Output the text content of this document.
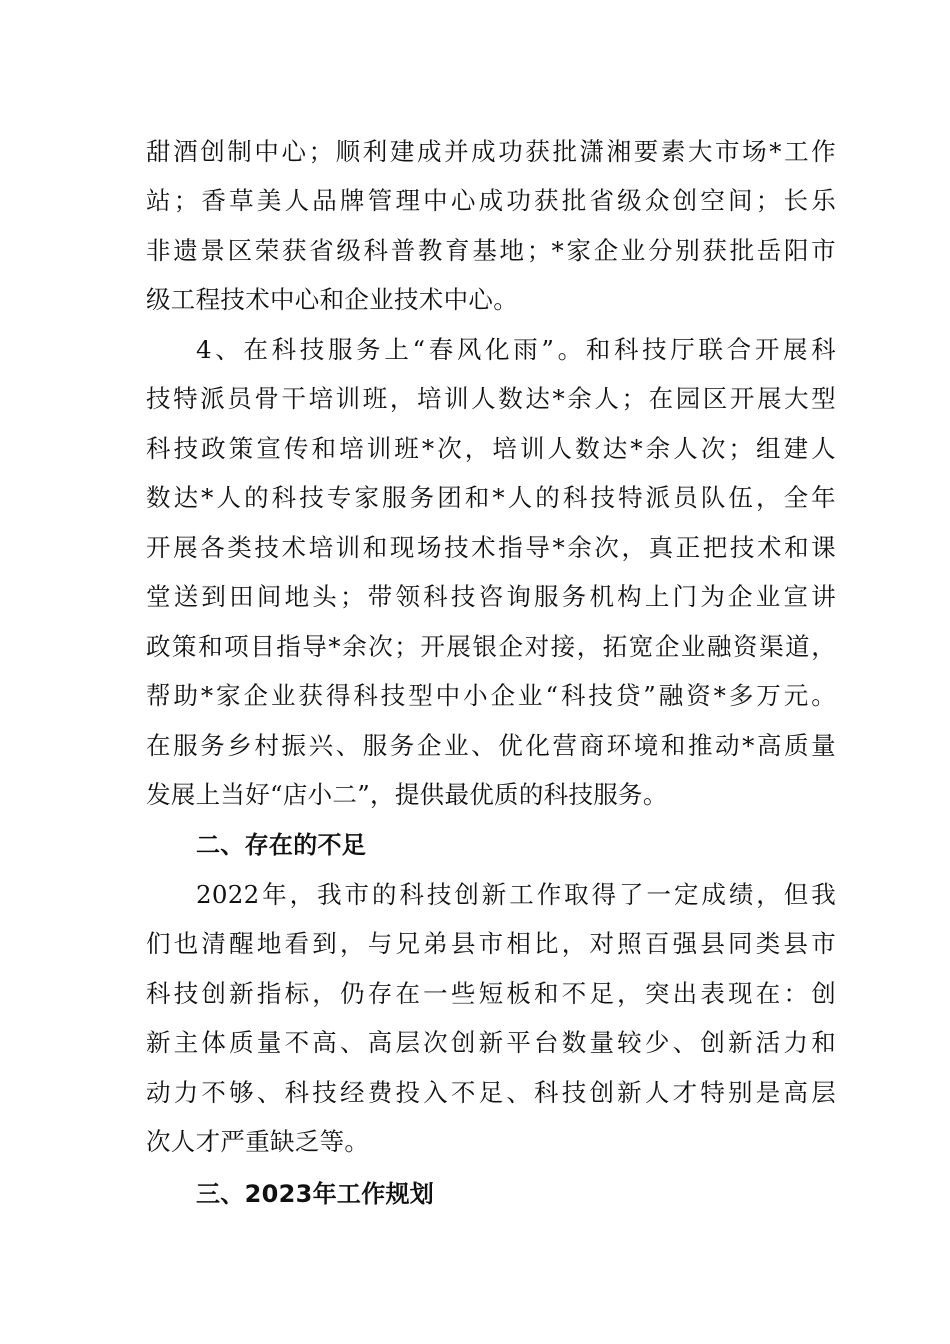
甜酒创制中心；顺利建成并成功获批潇湘要素大市场*工作
站；香草美人品牌管理中心成功获批省级众创空间；长乐
非遗景区荣获省级科普教育基地；*家企业分别获批岳阳市
级工程技术中心和企业技术中心。
4、在科技服务上“春风化雨”。和科技厅联合开展科
技特派员骨干培训班，培训人数达*余人；在园区开展大型
科技政策宣传和培训班*次，培训人数达*余人次；组建人
数达*人的科技专家服务团和*人的科技特派员队伍，全年
开展各类技术培训和现场技术指导*余次，真正把技术和课
堂送到田间地头；带领科技咨询服务机构上门为企业宣讲
政策和项目指导*余次；开展银企对接，拓宽企业融资渠道，
帮助*家企业获得科技型中小企业“科技贷”融资*多万元。
在服务乡村振兴、服务企业、优化营商环境和推动*高质量
发展上当好“店小二”，提供最优质的科技服务。
二、存在的不足
2022年，我市的科技创新工作取得了一定成绩，但我
们也清醒地看到，与兄弟县市相比，对照百强县同类县市
科技创新指标，仍存在一些短板和不足，突出表现在：创
新主体质量不高、高层次创新平台数量较少、创新活力和
动力不够、科技经费投入不足、科技创新人才特别是高层
次人才严重缺乏等。
三、2023年工作规划
